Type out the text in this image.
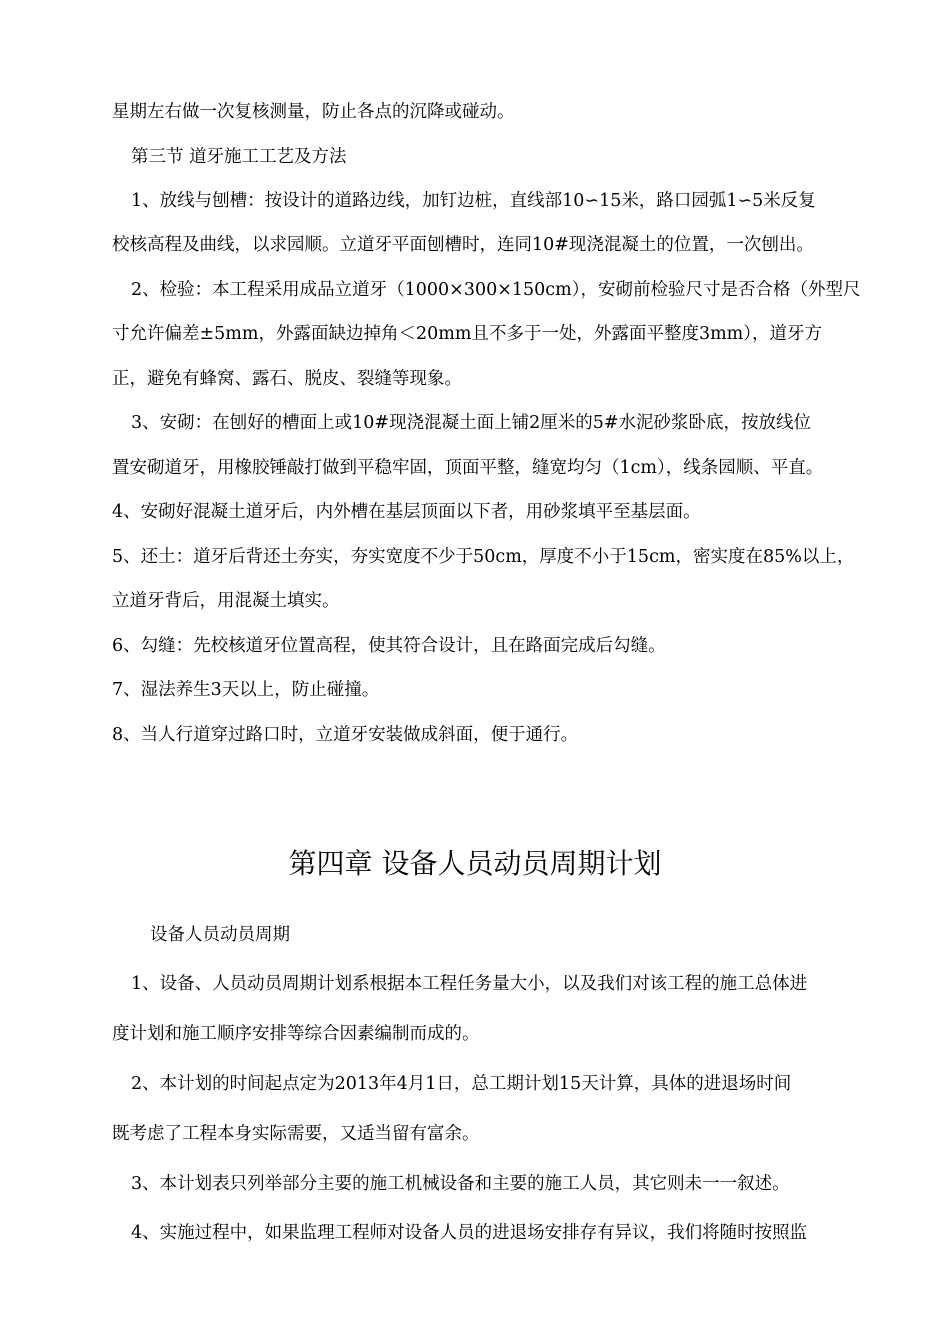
星期左右做一次复核测量，防止各点的沉降或碰动。
第三节 道牙施工工艺及方法
1、放线与刨槽：按设计的道路边线，加钉边桩，直线部10∽15米，路口园弧1∽5米反复
校核高程及曲线，以求园顺。立道牙平面刨槽时，连同10#现浇混凝土的位置，一次刨出。
2、检验：本工程采用成品立道牙（1000×300×150cm），安砌前检验尺寸是否合格（外型尺
寸允许偏差±5mm，外露面缺边掉角＜20mm且不多于一处，外露面平整度3mm），道牙方
正，避免有蜂窝、露石、脱皮、裂缝等现象。
3、安砌：在刨好的槽面上或10#现浇混凝土面上铺2厘米的5#水泥砂浆卧底，按放线位
置安砌道牙，用橡胶锤敲打做到平稳牢固，顶面平整，缝宽均匀（1cm），线条园顺、平直。
4、安砌好混凝土道牙后，内外槽在基层顶面以下者，用砂浆填平至基层面。
5、还土：道牙后背还土夯实，夯实宽度不少于50cm，厚度不小于15cm，密实度在85%以上，
立道牙背后，用混凝土填实。
6、勾缝：先校核道牙位置高程，使其符合设计，且在路面完成后勾缝。
7、湿法养生3天以上，防止碰撞。
8、当人行道穿过路口时，立道牙安装做成斜面，便于通行。
第四章 设备人员动员周期计划
设备人员动员周期
1、设备、人员动员周期计划系根据本工程任务量大小，以及我们对该工程的施工总体进
度计划和施工顺序安排等综合因素编制而成的。
2、本计划的时间起点定为2013年4月1日，总工期计划15天计算，具体的进退场时间
既考虑了工程本身实际需要，又适当留有富余。
3、本计划表只列举部分主要的施工机械设备和主要的施工人员，其它则未一一叙述。
4、实施过程中，如果监理工程师对设备人员的进退场安排存有异议，我们将随时按照监
